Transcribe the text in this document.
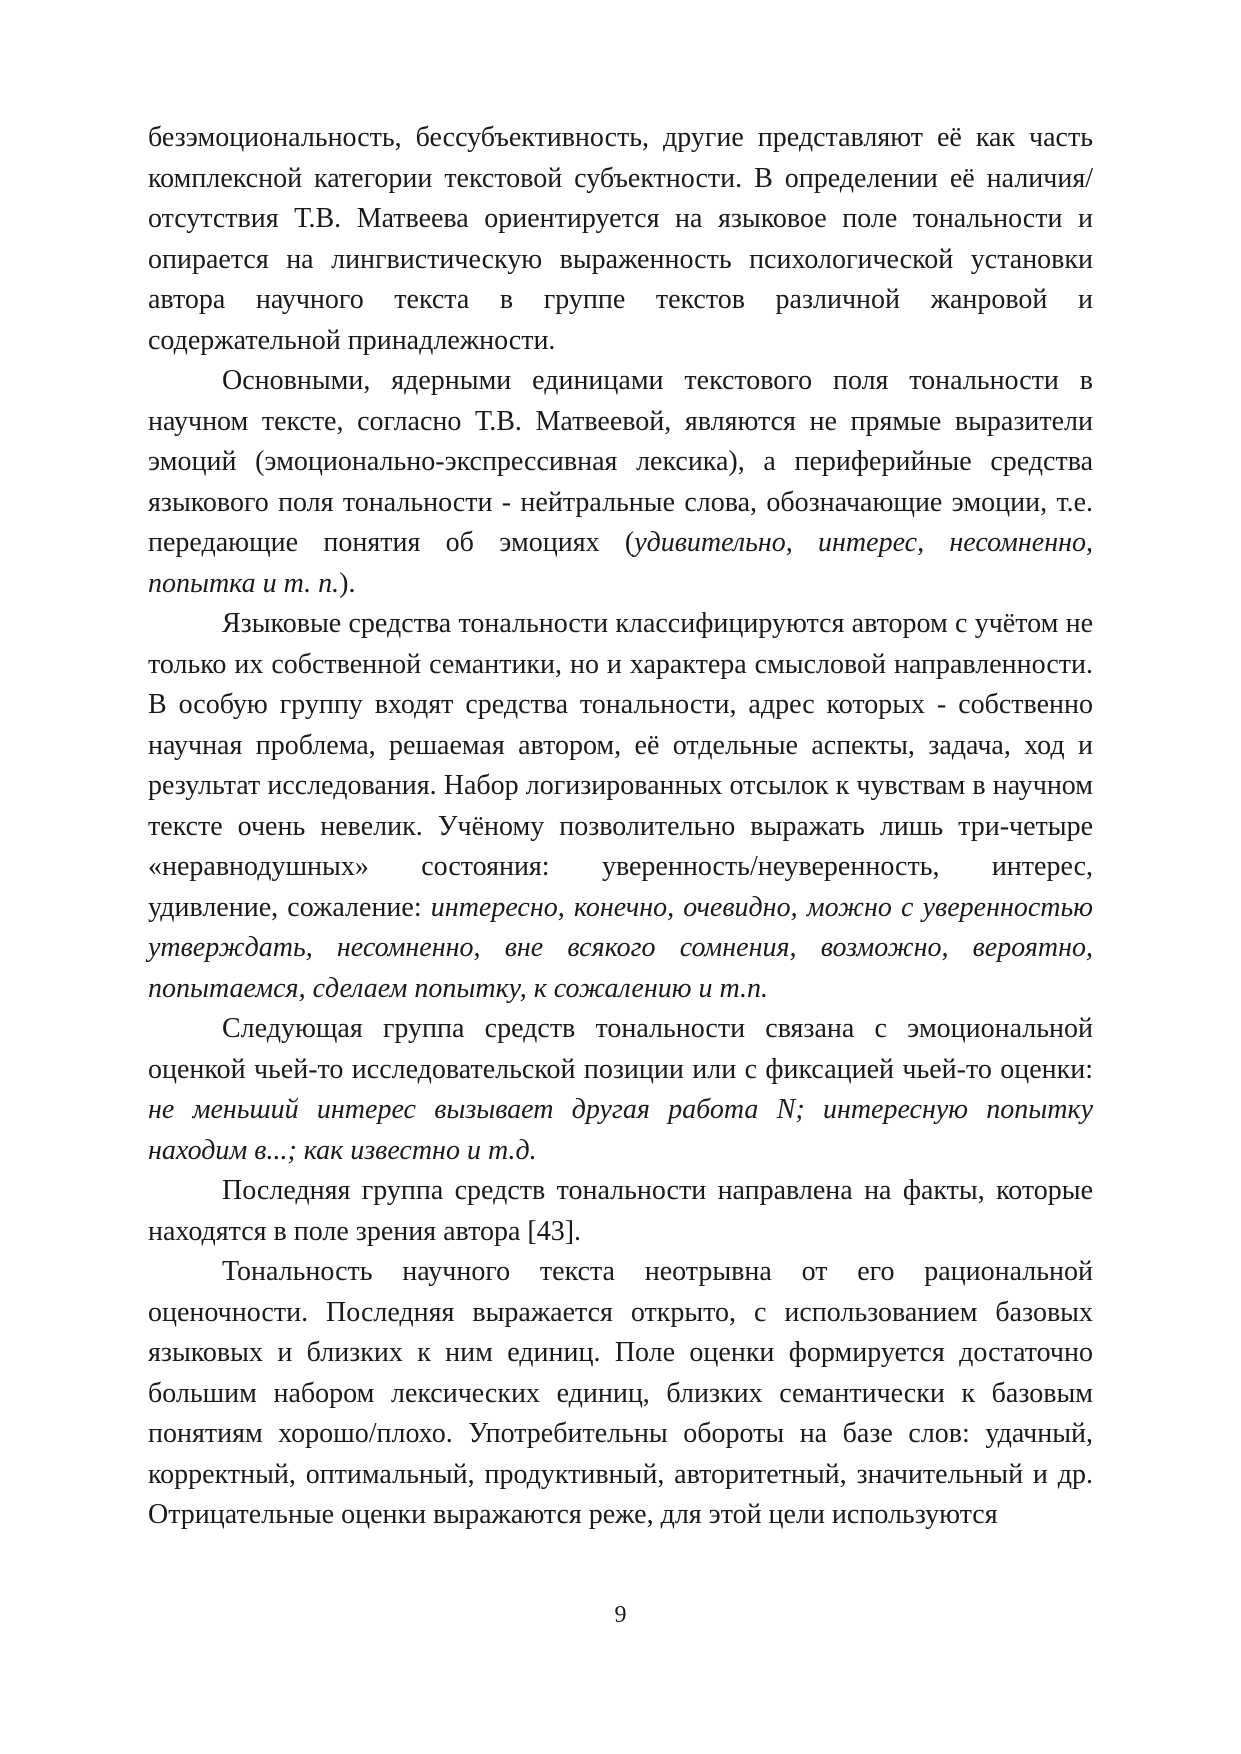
безэмоциональность, бессубъективность, другие представляют её как часть комплексной категории текстовой субъектности. В определении её наличия/отсутствия Т.В. Матвеева ориентируется на языковое поле тональности и опирается на лингвистическую выраженность психологической установки автора научного текста в группе текстов различной жанровой и содержательной принадлежности.

Основными, ядерными единицами текстового поля тональности в научном тексте, согласно Т.В. Матвеевой, являются не прямые выразители эмоций (эмоционально-экспрессивная лексика), а периферийные средства языкового поля тональности - нейтральные слова, обозначающие эмоции, т.е. передающие понятия об эмоциях (удивительно, интерес, несомненно, попытка и т. п.).

Языковые средства тональности классифицируются автором с учётом не только их собственной семантики, но и характера смысловой направленности. В особую группу входят средства тональности, адрес которых - собственно научная проблема, решаемая автором, её отдельные аспекты, задача, ход и результат исследования. Набор логизированных отсылок к чувствам в научном тексте очень невелик. Учёному позволительно выражать лишь три-четыре «неравнодушных» состояния: уверенность/неуверенность, интерес, удивление, сожаление: интересно, конечно, очевидно, можно с уверенностью утверждать, несомненно, вне всякого сомнения, возможно, вероятно, попытаемся, сделаем попытку, к сожалению и т.п.

Следующая группа средств тональности связана с эмоциональной оценкой чьей-то исследовательской позиции или с фиксацией чьей-то оценки: не меньший интерес вызывает другая работа N; интересную попытку находим в...; как известно и т.д.

Последняя группа средств тональности направлена на факты, которые находятся в поле зрения автора [43].

Тональность научного текста неотрывна от его рациональной оценочности. Последняя выражается открыто, с использованием базовых языковых и близких к ним единиц. Поле оценки формируется достаточно большим набором лексических единиц, близких семантически к базовым понятиям хорошо/плохо. Употребительны обороты на базе слов: удачный, корректный, оптимальный, продуктивный, авторитетный, значительный и др. Отрицательные оценки выражаются реже, для этой цели используются

9
